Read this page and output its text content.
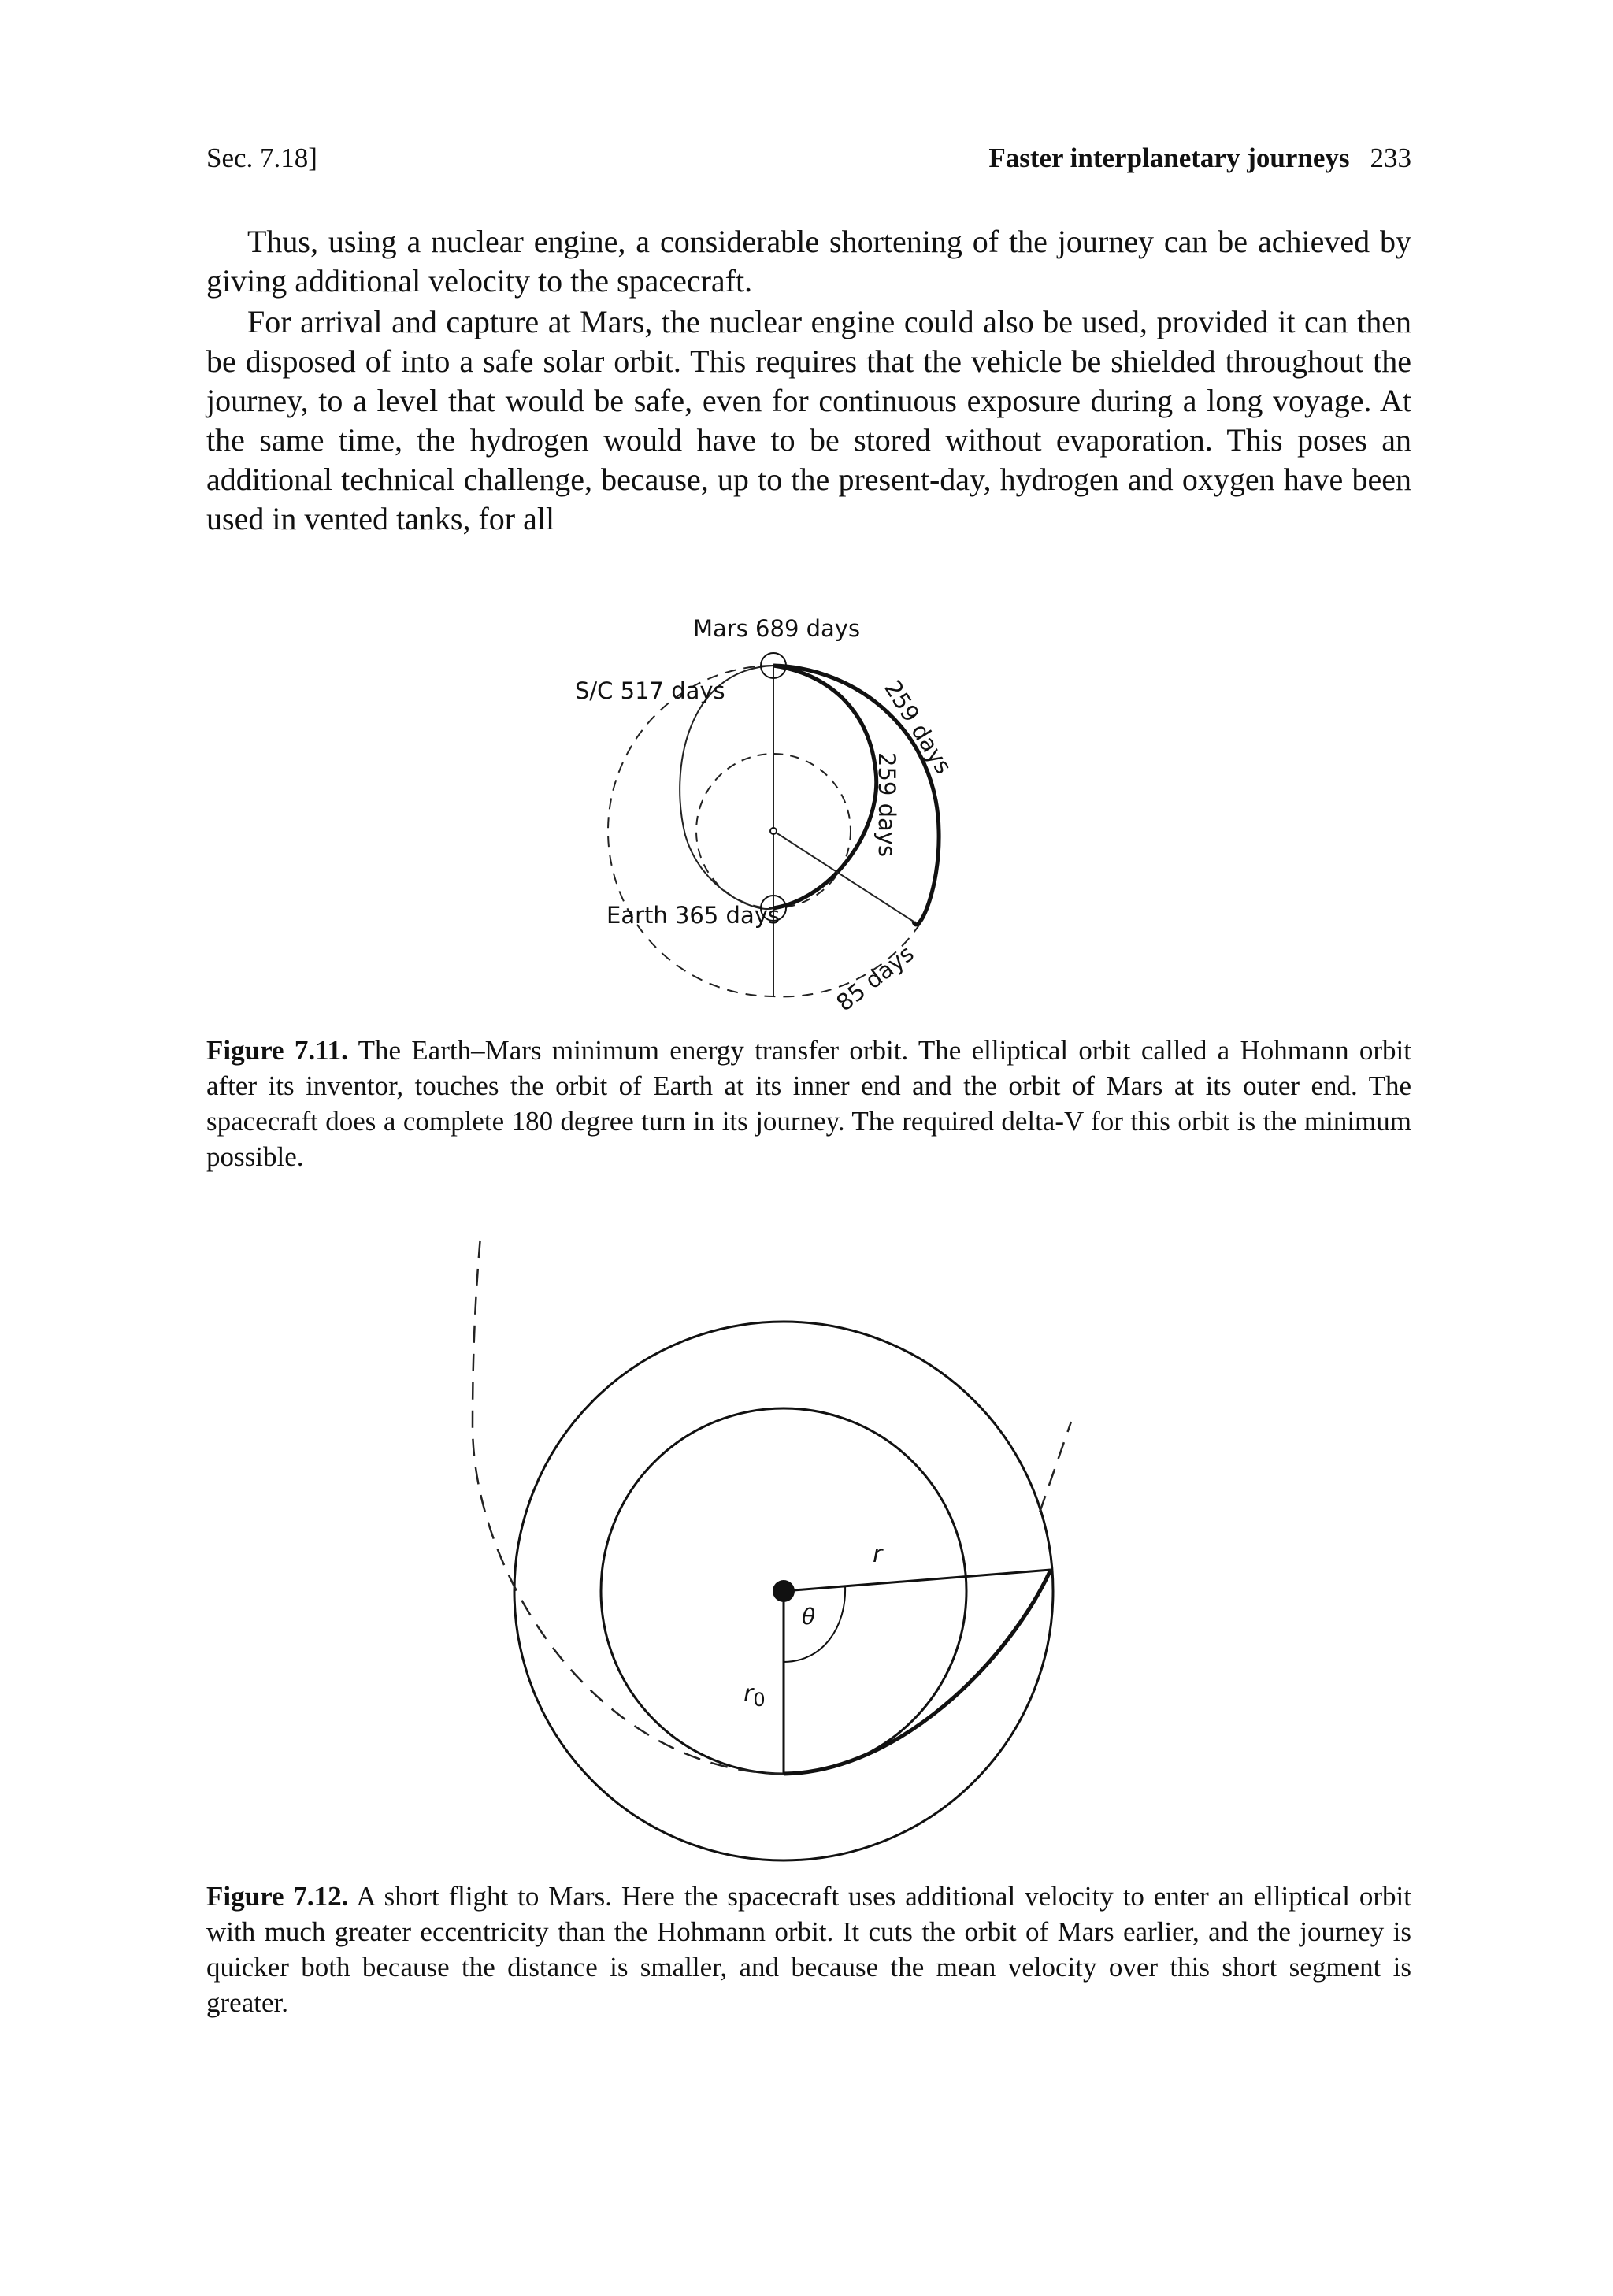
Sec. 7.18]	Faster interplanetary journeys 233

Thus, using a nuclear engine, a considerable shortening of the journey can be achieved by giving additional velocity to the spacecraft.

For arrival and capture at Mars, the nuclear engine could also be used, provided it can then be disposed of into a safe solar orbit. This requires that the vehicle be shielded throughout the journey, to a level that would be safe, even for continuous exposure during a long voyage. At the same time, the hydrogen would have to be stored without evaporation. This poses an additional technical challenge, because, up to the present-day, hydrogen and oxygen have been used in vented tanks, for all

Mars 689 days
S/C 517 days
Earth 365 days
259 days
259 days
85 days

Figure 7.11. The Earth–Mars minimum energy transfer orbit. The elliptical orbit called a Hohmann orbit after its inventor, touches the orbit of Earth at its inner end and the orbit of Mars at its outer end. The spacecraft does a complete 180 degree turn in its journey. The required delta-V for this orbit is the minimum possible.

r
θ
$r_0$

Figure 7.12. A short flight to Mars. Here the spacecraft uses additional velocity to enter an elliptical orbit with much greater eccentricity than the Hohmann orbit. It cuts the orbit of Mars earlier, and the journey is quicker both because the distance is smaller, and because the mean velocity over this short segment is greater.
